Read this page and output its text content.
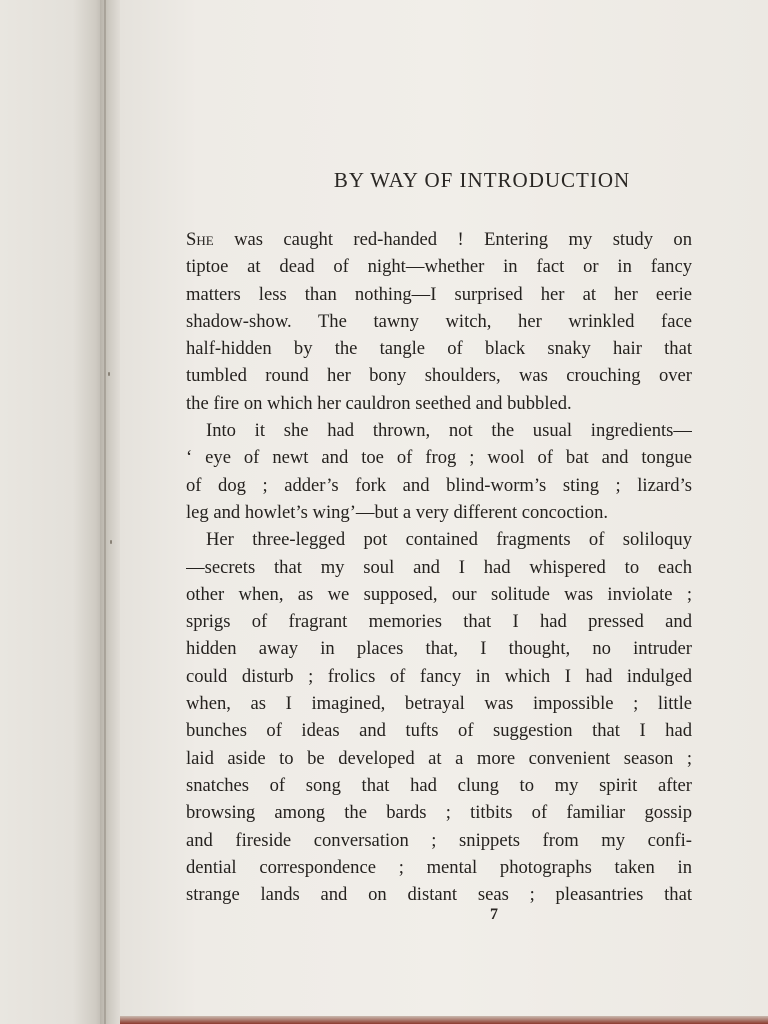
BY WAY OF INTRODUCTION
She was caught red-handed ! Entering my study on
tiptoe at dead of night—whether in fact or in fancy
matters less than nothing—I surprised her at her eerie
shadow-show. The tawny witch, her wrinkled face
half-hidden by the tangle of black snaky hair that
tumbled round her bony shoulders, was crouching over
the fire on which her cauldron seethed and bubbled.
Into it she had thrown, not the usual ingredients—
‘ eye of newt and toe of frog ; wool of bat and tongue
of dog ; adder’s fork and blind-worm’s sting ; lizard’s
leg and howlet’s wing’—but a very different concoction.
Her three-legged pot contained fragments of soliloquy
—secrets that my soul and I had whispered to each
other when, as we supposed, our solitude was inviolate ;
sprigs of fragrant memories that I had pressed and
hidden away in places that, I thought, no intruder
could disturb ; frolics of fancy in which I had indulged
when, as I imagined, betrayal was impossible ; little
bunches of ideas and tufts of suggestion that I had
laid aside to be developed at a more convenient season ;
snatches of song that had clung to my spirit after
browsing among the bards ; titbits of familiar gossip
and fireside conversation ; snippets from my confi-
dential correspondence ; mental photographs taken in
strange lands and on distant seas ; pleasantries that
7
